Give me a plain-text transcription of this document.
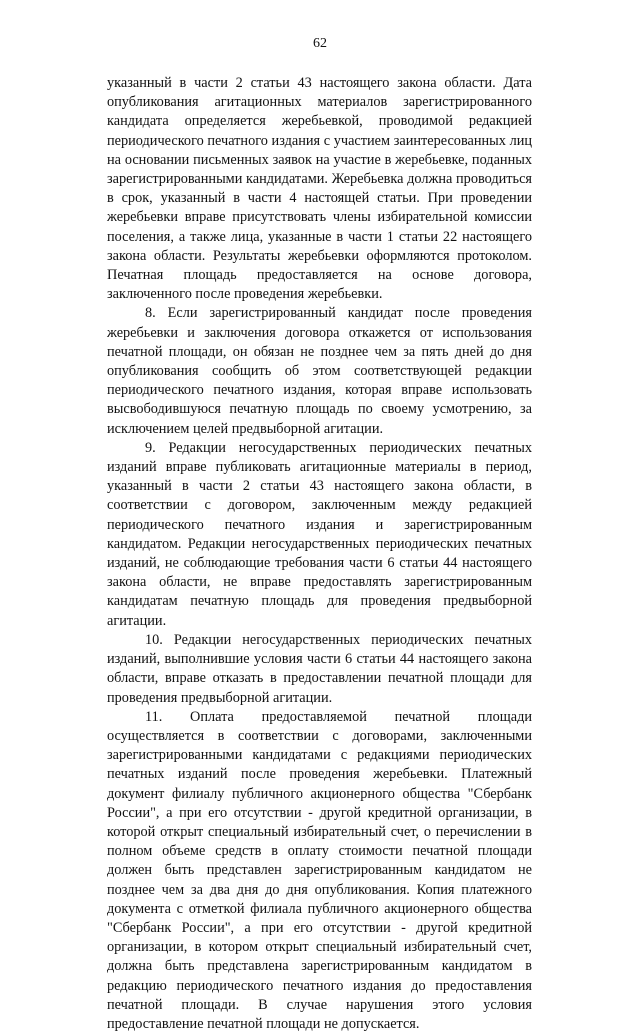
62

указанный в части 2 статьи 43 настоящего закона области. Дата опубликования агитационных материалов зарегистрированного кандидата определяется жеребьевкой, проводимой редакцией периодического печатного издания с участием заинтересованных лиц на основании письменных заявок на участие в жеребьевке, поданных зарегистрированными кандидатами. Жеребьевка должна проводиться в срок, указанный в части 4 настоящей статьи. При проведении жеребьевки вправе присутствовать члены избирательной комиссии поселения, а также лица, указанные в части 1 статьи 22 настоящего закона области. Результаты жеребьевки оформляются протоколом. Печатная площадь предоставляется на основе договора, заключенного после проведения жеребьевки.

8. Если зарегистрированный кандидат после проведения жеребьевки и заключения договора откажется от использования печатной площади, он обязан не позднее чем за пять дней до дня опубликования сообщить об этом соответствующей редакции периодического печатного издания, которая вправе использовать высвободившуюся печатную площадь по своему усмотрению, за исключением целей предвыборной агитации.

9. Редакции негосударственных периодических печатных изданий вправе публиковать агитационные материалы в период, указанный в части 2 статьи 43 настоящего закона области, в соответствии с договором, заключенным между редакцией периодического печатного издания и зарегистрированным кандидатом. Редакции негосударственных периодических печатных изданий, не соблюдающие требования части 6 статьи 44 настоящего закона области, не вправе предоставлять зарегистрированным кандидатам печатную площадь для проведения предвыборной агитации.

10. Редакции негосударственных периодических печатных изданий, выполнившие условия части 6 статьи 44 настоящего закона области, вправе отказать в предоставлении печатной площади для проведения предвыборной агитации.

11. Оплата предоставляемой печатной площади осуществляется в соответствии с договорами, заключенными зарегистрированными кандидатами с редакциями периодических печатных изданий после проведения жеребьевки. Платежный документ филиалу публичного акционерного общества "Сбербанк России", а при его отсутствии - другой кредитной организации, в которой открыт специальный избирательный счет, о перечислении в полном объеме средств в оплату стоимости печатной площади должен быть представлен зарегистрированным кандидатом не позднее чем за два дня до дня опубликования. Копия платежного документа с отметкой филиала публичного акционерного общества "Сбербанк России", а при его отсутствии - другой кредитной организации, в котором открыт специальный избирательный счет, должна быть представлена зарегистрированным кандидатом в редакцию периодического печатного издания до предоставления печатной площади. В случае нарушения этого условия предоставление печатной площади не допускается.
